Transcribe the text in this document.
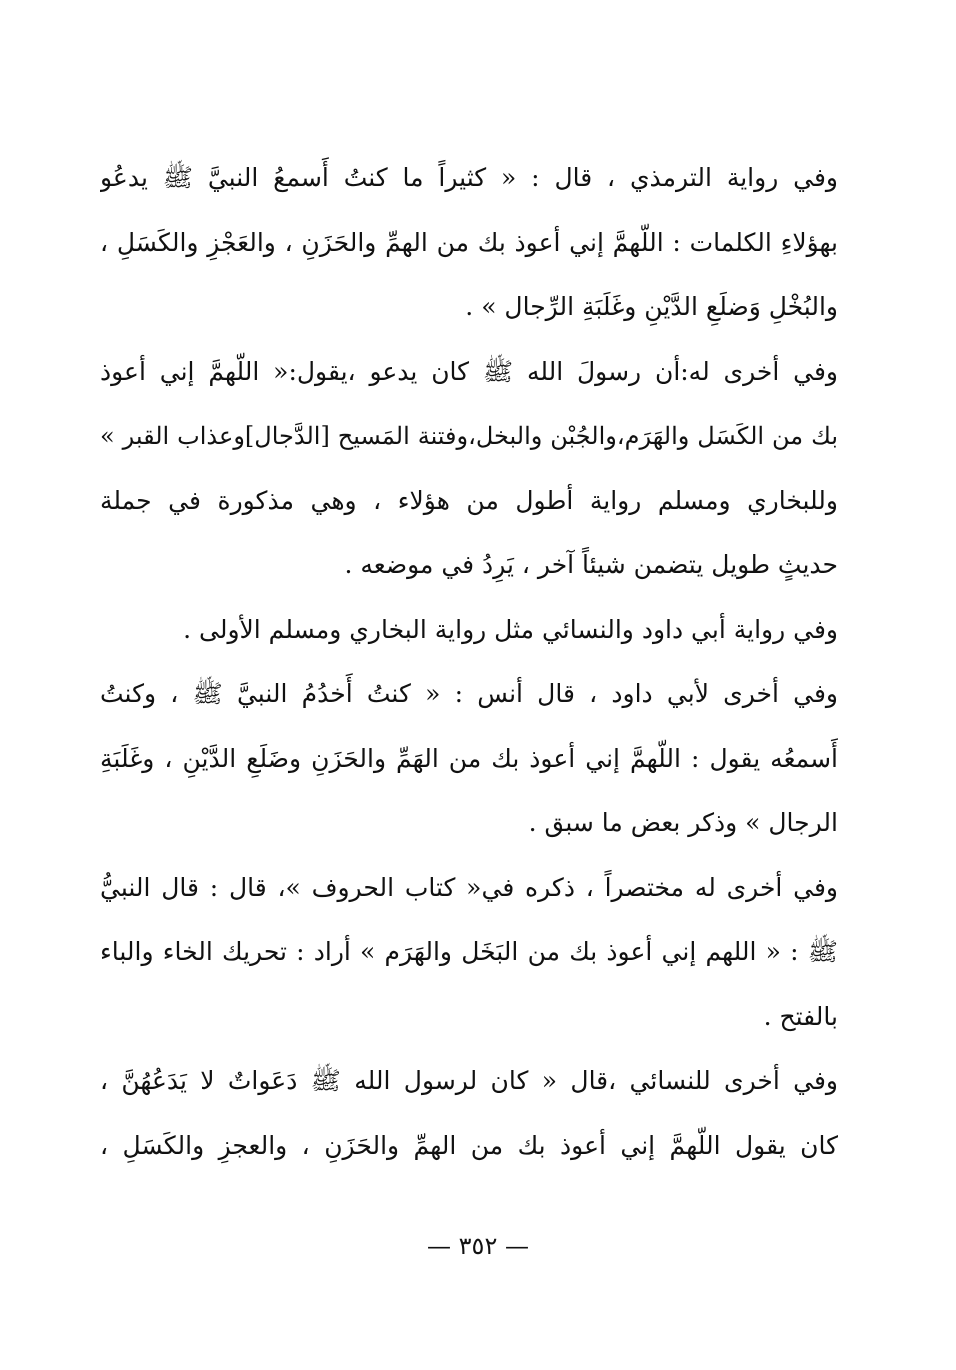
وفي رواية الترمذي ، قال : « كثيراً ما كنتُ أَسمعُ النبيَّ ﷺ يدعُو
بهؤلاءِ الكلمات : اللّهمَّ إني أعوذ بك من الهمِّ والحَزَنِ ، والعَجْزِ والكَسَلِ ،
والبُخْلِ وَضلَعِ الدَّيْنِ وغَلَبَةِ الرِّجال » .
وفي أخرى له:أن رسولَ الله ﷺ كان يدعو ،يقول:« اللّهمَّ إني أعوذ
بك من الكَسَل والهَرَم،والجُبْن والبخل،وفتنة المَسيح [الدَّجال]وعذاب القبر »
وللبخاري ومسلم رواية أطول من هؤلاء ، وهي مذكورة في جملة
حديثٍ طويل يتضمن شيئاً آخر ، يَرِدُ في موضعه .
وفي رواية أبي داود والنسائي مثل رواية البخاري ومسلم الأولى .
وفي أخرى لأبي داود ، قال أنس : « كنتُ أَخدُمُ النبيَّ ﷺ ، وكنتُ
أَسمعُه يقول : اللّهمَّ إني أعوذ بك من الهَمِّ والحَزَنِ وضَلَعِ الدَّيْنِ ، وغَلَبَةِ
الرجال » وذكر بعض ما سبق .
وفي أخرى له مختصراً ، ذكره في« كتاب الحروف »، قال : قال النبيُّ
ﷺ : « اللهم إني أعوذ بك من البَخَل والهَرَم » أراد : تحريك الخاء والباء
بالفتح .
وفي أخرى للنسائي ،قال « كان لرسول الله ﷺ دَعَواتٌ لا يَدَعُهُنَّ ،
كان يقول اللّهمَّ إني أعوذ بك من الهمِّ والحَزَنِ ، والعجزِ والكَسَلِ ،
— ٣٥٢ —
